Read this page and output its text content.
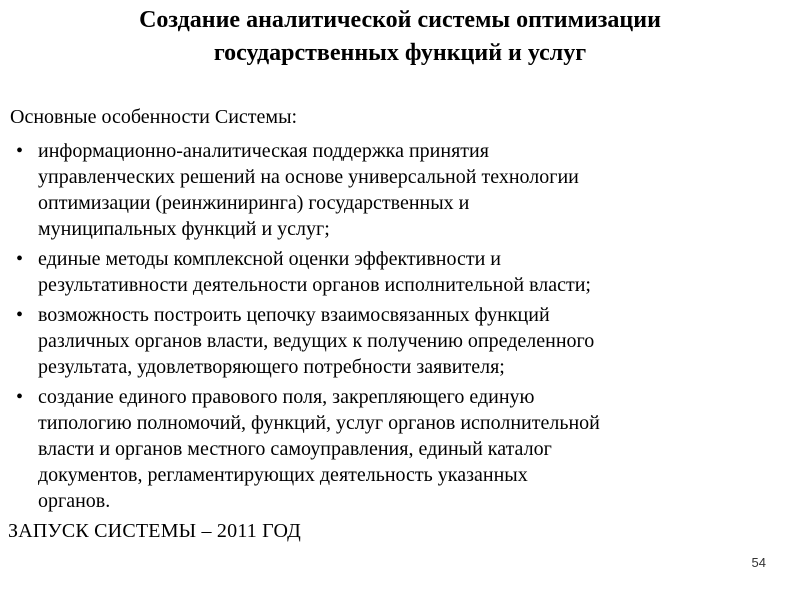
Создание аналитической системы оптимизации
государственных функций и услуг
Основные особенности Системы:
• информационно-аналитическая поддержка принятия
управленческих решений на основе универсальной технологии
оптимизации (реинжиниринга) государственных и
муниципальных функций и услуг;
• единые методы комплексной оценки эффективности и
результативности деятельности органов исполнительной власти;
• возможность построить цепочку взаимосвязанных функций
различных органов власти, ведущих к получению определенного
результата, удовлетворяющего потребности заявителя;
• создание единого правового поля, закрепляющего единую
типологию полномочий, функций, услуг органов исполнительной
власти и органов местного самоуправления, единый каталог
документов, регламентирующих деятельность указанных
органов.
ЗАПУСК СИСТЕМЫ – 2011 ГОД
54
